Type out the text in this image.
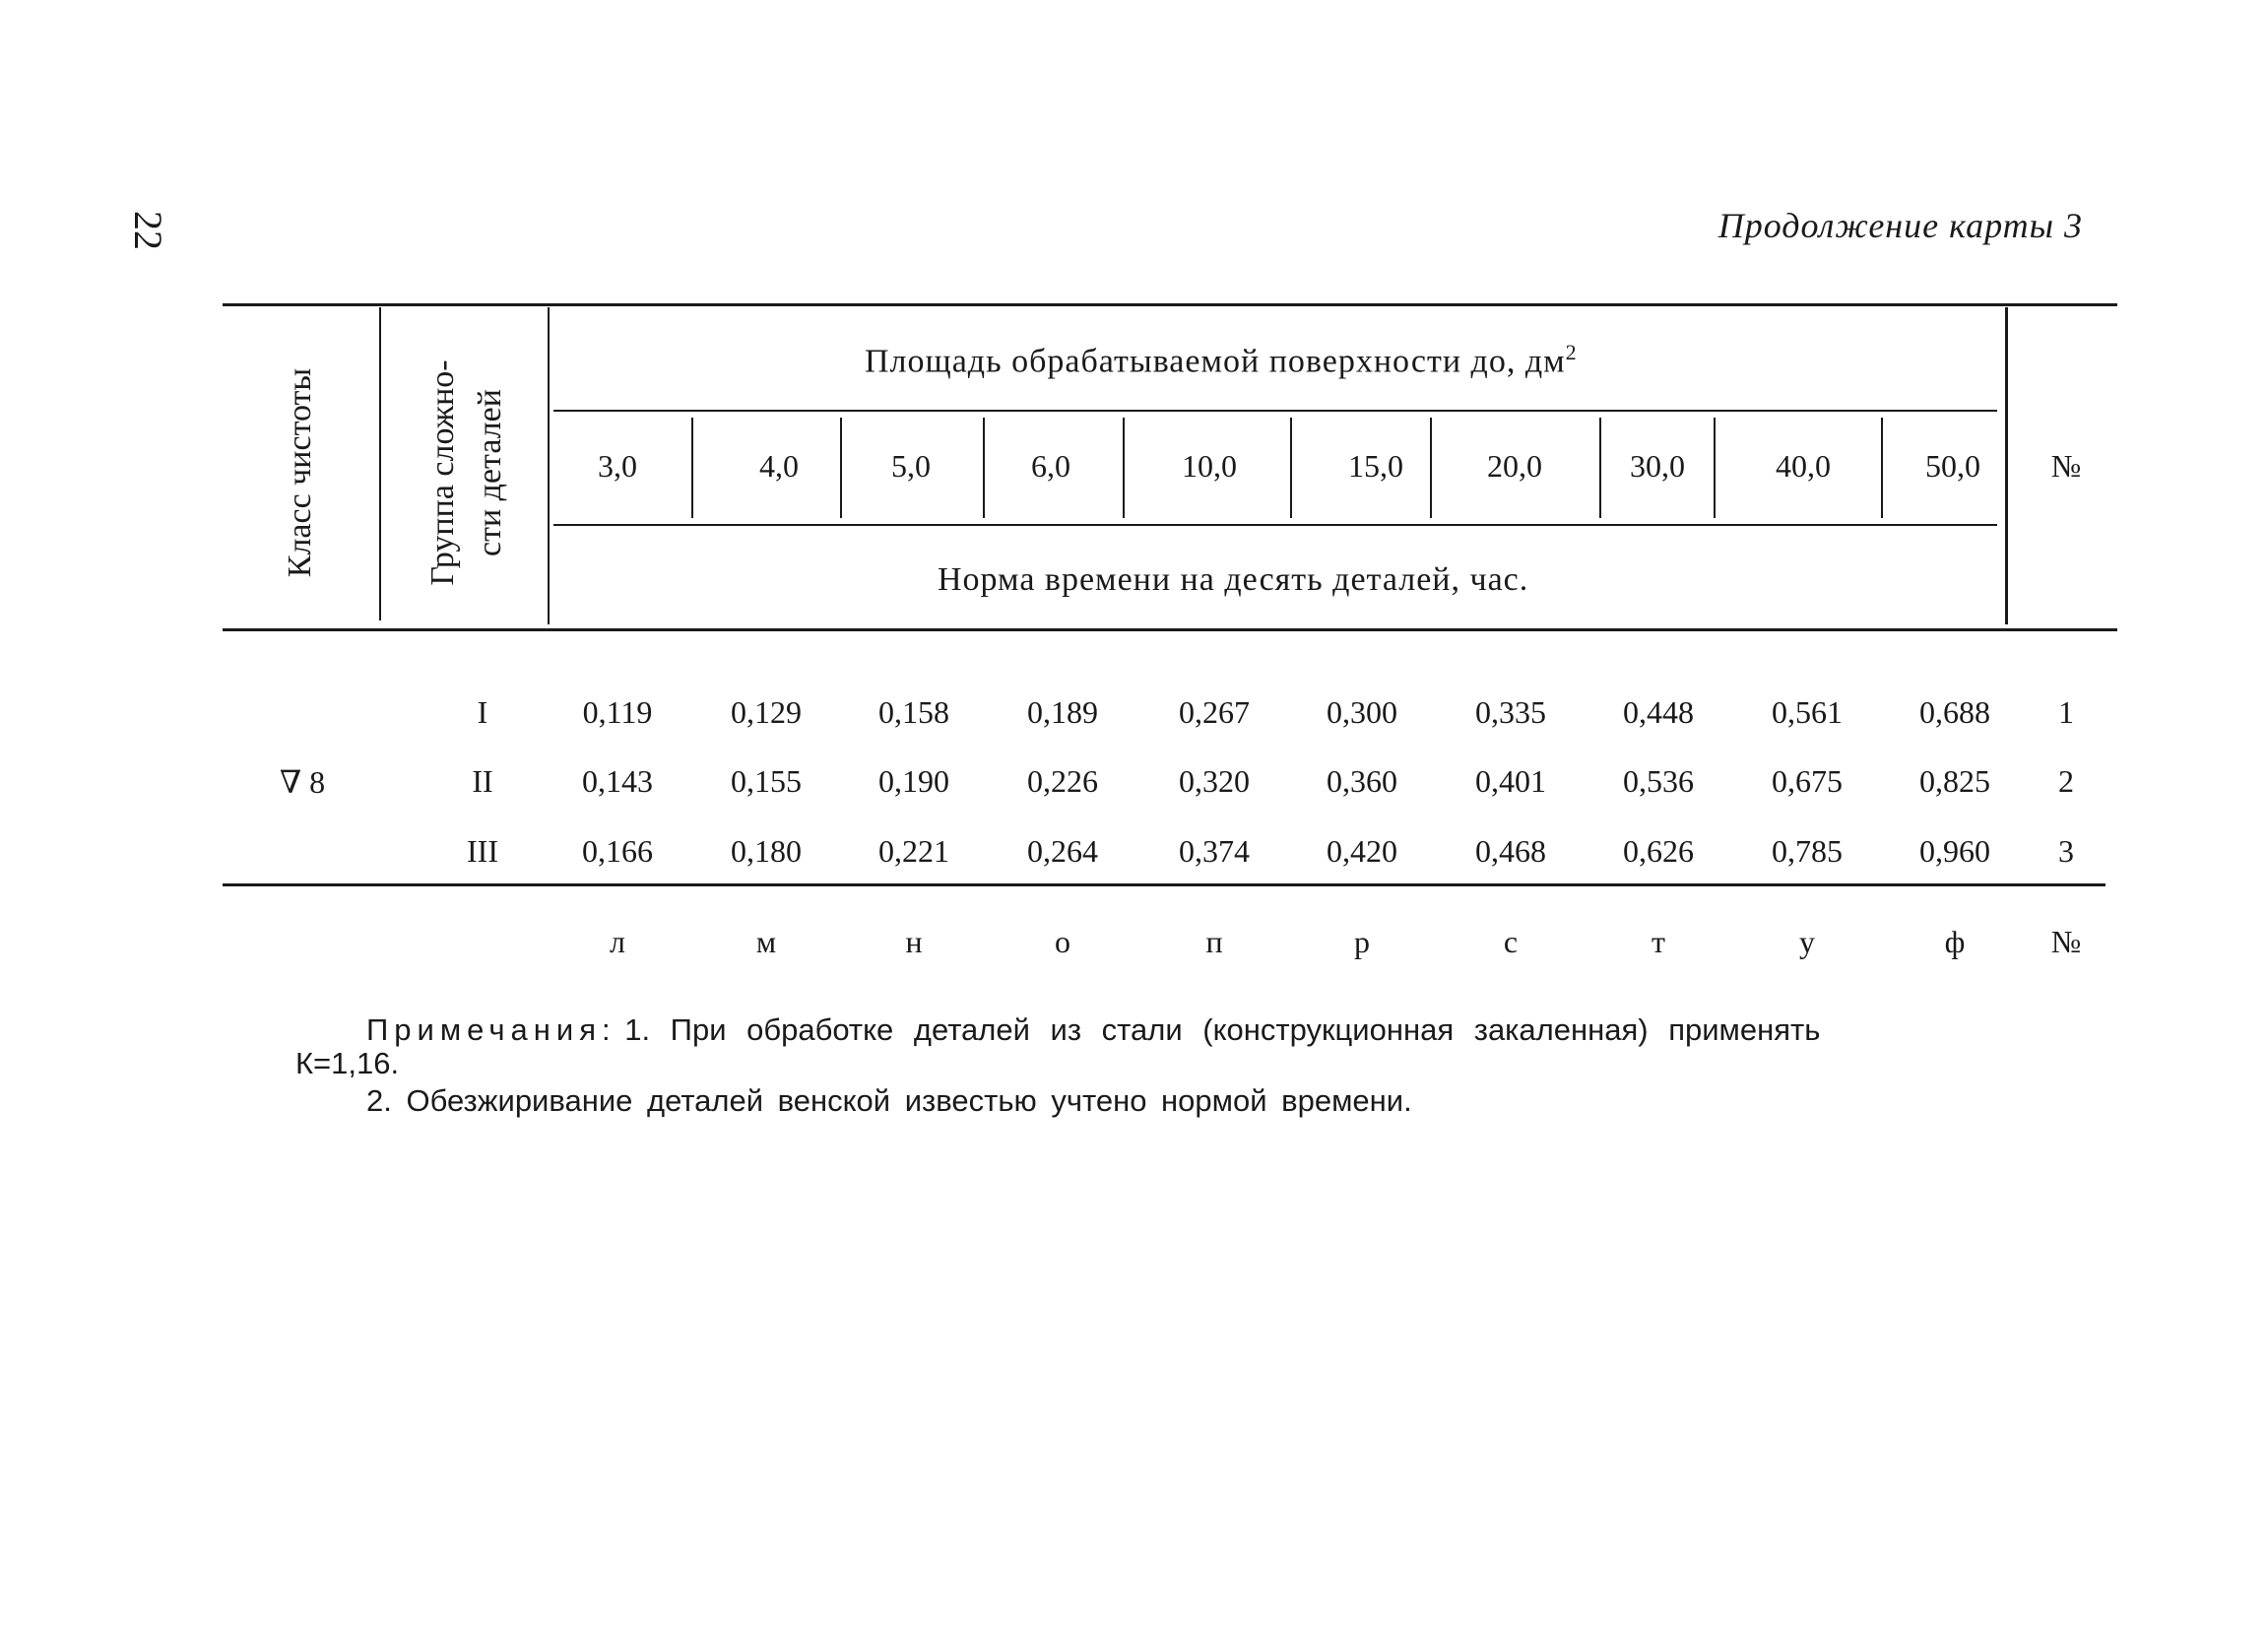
22	Продолжение карты 3
Класс чистоты	Группа сложно- сти деталей
Площадь обрабатываемой поверхности до, $дм^2$
3,0	4,0	5,0	6,0	10,0	15,0	20,0	30,0	40,0	50,0	№
Норма времени на десять деталей, час.
∇ 8
I	0,119	0,129	0,158	0,189	0,267	0,300	0,335	0,448	0,561	0,688	1
II	0,143	0,155	0,190	0,226	0,320	0,360	0,401	0,536	0,675	0,825	2
III	0,166	0,180	0,221	0,264	0,374	0,420	0,468	0,626	0,785	0,960	3
л	м	н	о	п	р	с	т	у	ф	№
Примечания: 1. При обработке деталей из стали (конструкционная закаленная) применять
К=1,16.
2. Обезжиривание деталей венской известью учтено нормой времени.
